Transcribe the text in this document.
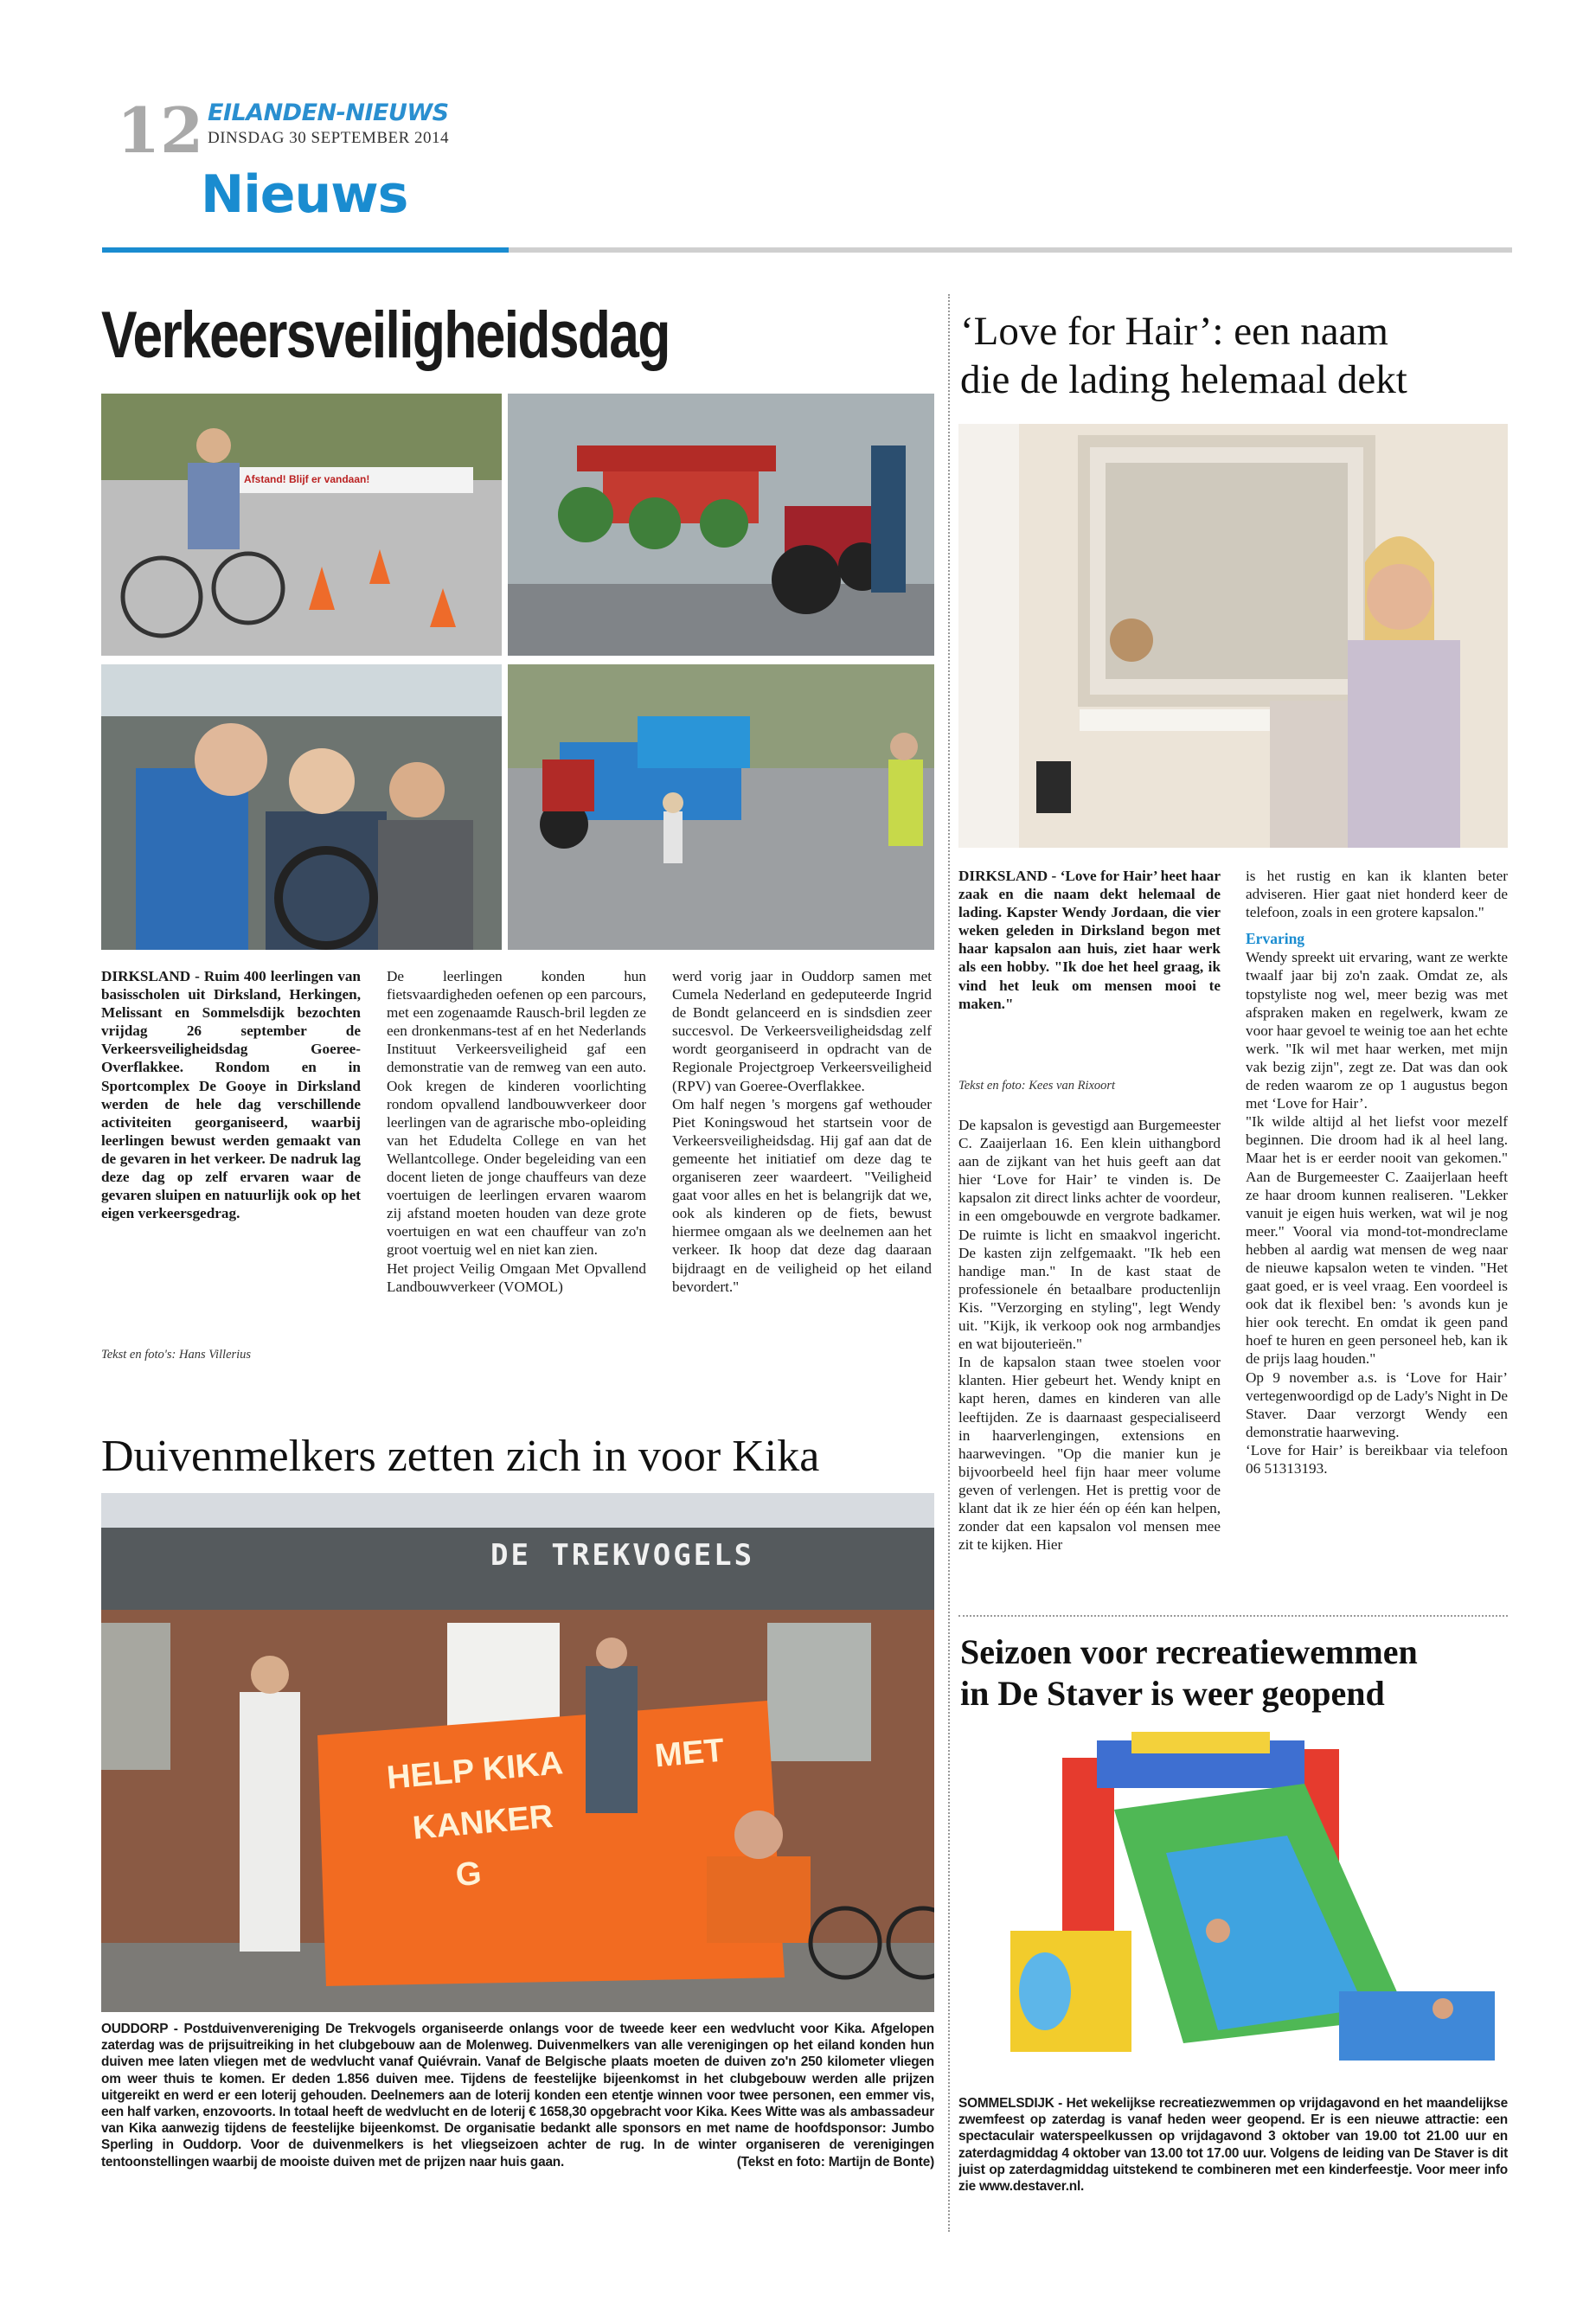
12 EILANDEN-NIEUWS
DINSDAG 30 SEPTEMBER 2014
Nieuws
Verkeersveiligheidsdag
Afstand! Blijf er vandaan!
DIRKSLAND - Ruim 400 leerlingen van basisscholen uit Dirksland, Herkingen, Melissant en Sommelsdijk bezochten vrijdag 26 september de Verkeersveiligheidsdag Goeree-Overflakkee. Rondom en in Sportcomplex De Gooye in Dirksland werden de hele dag verschillende activiteiten georganiseerd, waarbij leerlingen bewust werden gemaakt van de gevaren in het verkeer. De nadruk lag deze dag op zelf ervaren waar de gevaren sluipen en natuurlijk ook op het eigen verkeersgedrag.
Tekst en foto's: Hans Villerius

De leerlingen konden hun fietsvaardigheden oefenen op een parcours, met een zogenaamde Rausch-bril legden ze een dronkenmans-test af en het Nederlands Instituut Verkeersveiligheid gaf een demonstratie van de remweg van een auto. Ook kregen de kinderen voorlichting rondom opvallend landbouwverkeer door leerlingen van de agrarische mbo-opleiding van het Edudelta College en van het Wellantcollege. Onder begeleiding van een docent lieten de jonge chauffeurs van deze voertuigen de leerlingen ervaren waarom zij afstand moeten houden van deze grote voertuigen en wat een chauffeur van zo'n groot voertuig wel en niet kan zien.

Het project Veilig Omgaan Met Opvallend Landbouwverkeer (VOMOL)

werd vorig jaar in Ouddorp samen met Cumela Nederland en gedeputeerde Ingrid de Bondt gelanceerd en is sindsdien zeer succesvol. De Verkeersveiligheidsdag zelf wordt georganiseerd in opdracht van de Regionale Projectgroep Verkeersveiligheid (RPV) van Goeree-Overflakkee.

Om half negen 's morgens gaf wethouder Piet Koningswoud het startsein voor de Verkeersveiligheidsdag. Hij gaf aan dat de gemeente het initiatief om deze dag te organiseren zeer waardeert. "Veiligheid gaat voor alles en het is belangrijk dat we, ook als kinderen op de fiets, bewust hiermee omgaan als we deelnemen aan het verkeer. Ik hoop dat deze dag daaraan bijdraagt en de veiligheid op het eiland bevordert."

Duivenmelkers zetten zich in voor Kika
DE TREKVOGELS
HELP KIKA	MET
KANKER
G
OUDDORP - Postduivenvereniging De Trekvogels organiseerde onlangs voor de tweede keer een wedvlucht voor Kika. Afgelopen zaterdag was de prijsuitreiking in het clubgebouw aan de Molenweg. Duivenmelkers van alle verenigingen op het eiland konden hun duiven mee laten vliegen met de wedvlucht vanaf Quiévrain. Vanaf de Belgische plaats moeten de duiven zo'n 250 kilometer vliegen om weer thuis te komen. Er deden 1.856 duiven mee. Tijdens de feestelijke bijeenkomst in het clubgebouw werden alle prijzen uitgereikt en werd er een loterij gehouden. Deelnemers aan de loterij konden een etentje winnen voor twee personen, een emmer vis, een half varken, enzovoorts. In totaal heeft de wedvlucht en de loterij € 1658,30 opgebracht voor Kika. Kees Witte was als ambassadeur van Kika aanwezig tijdens de feestelijke bijeenkomst. De organisatie bedankt alle sponsors en met name de hoofdsponsor: Jumbo Sperling in Ouddorp. Voor de duivenmelkers is het vliegseizoen achter de rug. In de winter organiseren de verenigingen tentoonstellingen waarbij de mooiste duiven met de prijzen naar huis gaan.	(Tekst en foto: Martijn de Bonte)
‘Love for Hair’: een naam
die de lading helemaal dekt
DIRKSLAND - ‘Love for Hair’ heet haar zaak en die naam dekt helemaal de lading. Kapster Wendy Jordaan, die vier weken geleden in Dirksland begon met haar kapsalon aan huis, ziet haar werk als een hobby. "Ik doe het heel graag, ik vind het leuk om mensen mooi te maken."
Tekst en foto: Kees van Rixoort

De kapsalon is gevestigd aan Burgemeester C. Zaaijerlaan 16. Een klein uithangbord aan de zijkant van het huis geeft aan dat hier ‘Love for Hair’ te vinden is. De kapsalon zit direct links achter de voordeur, in een omgebouwde en vergrote badkamer. De ruimte is licht en smaakvol ingericht. De kasten zijn zelfgemaakt. "Ik heb een handige man." In de kast staat de professionele én betaalbare productenlijn Kis. "Verzorging en styling", legt Wendy uit. "Kijk, ik verkoop ook nog armbandjes en wat bijouterieën."

In de kapsalon staan twee stoelen voor klanten. Hier gebeurt het. Wendy knipt en kapt heren, dames en kinderen van alle leeftijden. Ze is daarnaast gespecialiseerd in haarverlengingen, extensions en haarwevingen. "Op die manier kun je bijvoorbeeld heel fijn haar meer volume geven of verlengen. Het is prettig voor de klant dat ik ze hier één op één kan helpen, zonder dat een kapsalon vol mensen mee zit te kijken. Hier

is het rustig en kan ik klanten beter adviseren. Hier gaat niet honderd keer de telefoon, zoals in een grotere kapsalon."

Ervaring

Wendy spreekt uit ervaring, want ze werkte twaalf jaar bij zo'n zaak. Omdat ze, als topstyliste nog wel, meer bezig was met afspraken maken en regelwerk, kwam ze voor haar gevoel te weinig toe aan het echte werk. "Ik wil met haar werken, met mijn vak bezig zijn", zegt ze. Dat was dan ook de reden waarom ze op 1 augustus begon met ‘Love for Hair’.

"Ik wilde altijd al het liefst voor mezelf beginnen. Die droom had ik al heel lang. Maar het is er eerder nooit van gekomen." Aan de Burgemeester C. Zaaijerlaan heeft ze haar droom kunnen realiseren. "Lekker vanuit je eigen huis werken, wat wil je nog meer." Vooral via mond-tot-mondreclame hebben al aardig wat mensen de weg naar de nieuwe kapsalon weten te vinden. "Het gaat goed, er is veel vraag. Een voordeel is ook dat ik flexibel ben: 's avonds kun je hier ook terecht. En omdat ik geen pand hoef te huren en geen personeel heb, kan ik de prijs laag houden."

Op 9 november a.s. is ‘Love for Hair’ vertegenwoordigd op de Lady's Night in De Staver. Daar verzorgt Wendy een demonstratie haarweving.

‘Love for Hair’ is bereikbaar via telefoon 06 51313193.

Seizoen voor recreatiewemmen
in De Staver is weer geopend
SOMMELSDIJK - Het wekelijkse recreatiezwemmen op vrijdagavond en het maandelijkse zwemfeest op zaterdag is vanaf heden weer geopend. Er is een nieuwe attractie: een spectaculair waterspeelkussen op vrijdagavond 3 oktober van 19.00 tot 21.00 uur en zaterdagmiddag 4 oktober van 13.00 tot 17.00 uur. Volgens de leiding van De Staver is dit juist op zaterdagmiddag uitstekend te combineren met een kinderfeestje. Voor meer info zie www.destaver.nl.
